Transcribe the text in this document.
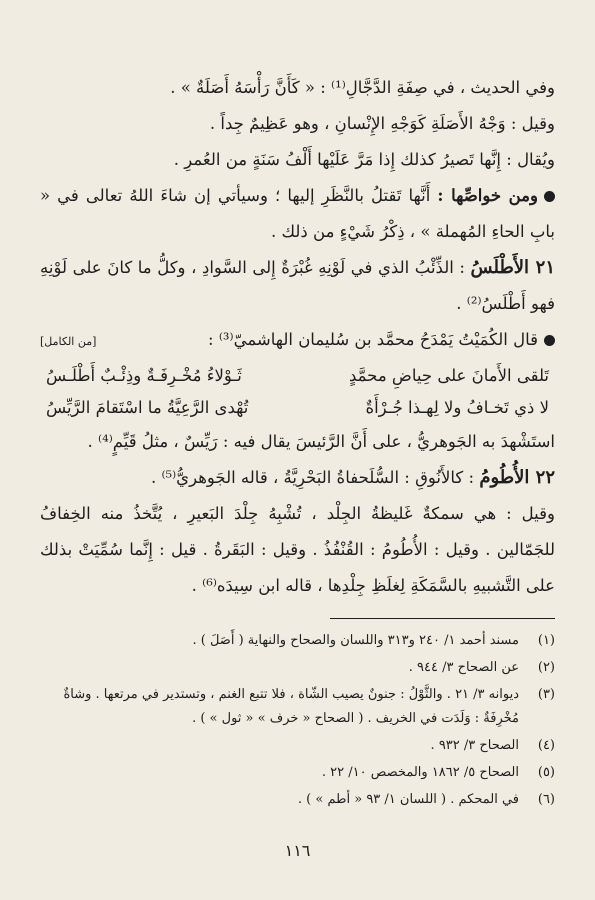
وفي الحديث ، في صِفَةِ الدَّجَّالِ⁽¹⁾ : « كَأَنَّ رَأْسَهُ أَصَلَةٌ » .

وقيل : وَجْهُ الأَصَلَةِ كَوَجْهِ الإِنْسانِ ، وهو عَظِيمٌ جِداً .

ويُقال : إِنَّها تَصيرُ كذلك إِذا مَرَّ عَلَيْها أَلْفُ سَنَةٍ من العُمرِ .

ومن خواصِّها : أَنَّها تَقتلُ بالنَّظَرِ إليها ؛ وسيأتي إن شاءَ اللهُ تعالى في « بابِ الحاءِ المُهملة » ، ذِكْرُ شَيْءٍ من ذلك .

٢١ الأَطْلَسُ : الذِّئْبُ الذي في لَوْنِهِ غُبْرَةٌ إِلى السَّوادِ ، وكلُّ ما كانَ على لَوْنِهِ فهو أَطْلَسُ⁽²⁾ .

قال الكُمَيْتُ يَمْدَحُ محمَّد بن سُليمان الهاشميّ⁽³⁾ :
[من الكامل]

تَلقى الأَمانَ على حِياضِ محمَّدٍ
ثَـوْلاءُ مُخْـرِفَـةٌ وذِئْـبٌ أَطْلَـسُ
لا ذي تَخـافُ ولا لِهـذا جُـرْأَةٌ
تُهْدى الرَّعِيَّةُ ما اسْتَقامَ الرَّيِّسُ

استَشْهدَ به الجَوهريُّ ، على أَنَّ الرَّئيسَ يقال فيه : رَيِّسٌ ، مثلُ قَيِّمٍ⁽⁴⁾ .

٢٢ الأُطُومُ : كالأَنُوقِ : السُّلَحفاةُ البَحْرِيَّةُ ، قاله الجَوهريُّ⁽⁵⁾ .

وقيل : هي سمكةٌ غَليظةُ الجِلْد ، تُشْبِهُ جِلْدَ البَعيرِ ، يُتَّخذُ منه الخِفافُ للجَمّالين . وقيل : الأُطُومُ : القُنْفُذُ . وقيل : البَقَرةُ . قيل : إِنَّما سُمِّيَتْ بذلك على التَّشبيهِ بالسَّمَكَةِ لِغلَظِ جِلْدِها ، قاله ابن سِيدَه⁽⁶⁾ .

(١)
مسند أحمد ١/ ٢٤٠ و٣١٣ واللسان والصحاح والنهاية ( أَصَلَ ) .
(٢)
عن الصحاح ٣/ ٩٤٤ .
(٣)
ديوانه ٣/ ٢١ . والثَّوْلُ : جنونٌ يصيب الشّاة ، فلا تتبع الغنم ، وتستدير في مرتعها . وشاةٌ مُخْرِفَةٌ : وَلَدَت في الخريف . ( الصحاح « خرف » « ثول » ) .
(٤)
الصحاح ٣/ ٩٣٢ .
(٥)
الصحاح ٥/ ١٨٦٢ والمخصص ١٠/ ٢٢ .
(٦)
في المحكم . ( اللسان ١/ ٩٣ « أطم » ) .
١١٦
